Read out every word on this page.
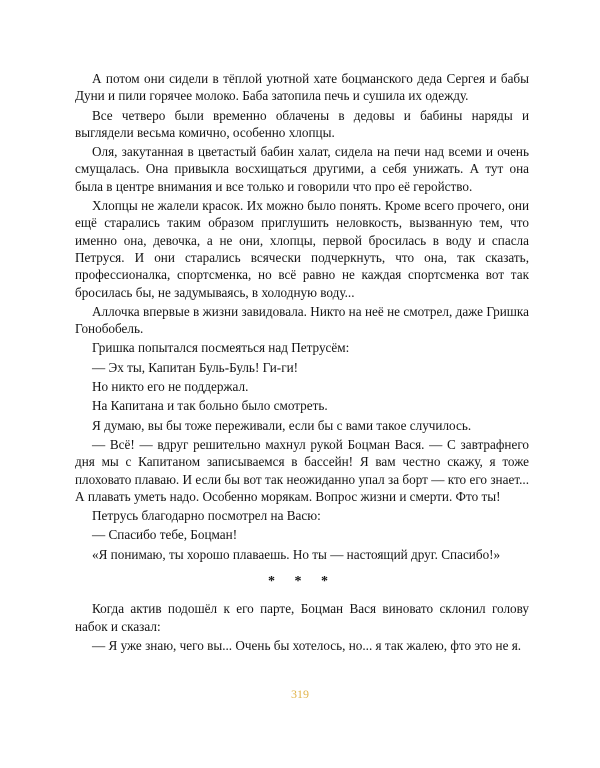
А потом они сидели в тёплой уютной хате боцманского деда Сергея и бабы Дуни и пили горячее молоко. Баба затопила печь и сушила их одежду.

Все четверо были временно облачены в дедовы и бабины наряды и выглядели весьма комично, особенно хлопцы.

Оля, закутанная в цветастый бабин халат, сидела на печи над всеми и очень смущалась. Она привыкла восхищаться другими, а себя унижать. А тут она была в центре внимания и все только и говорили что про её геройство.

Хлопцы не жалели красок. Их можно было понять. Кроме всего прочего, они ещё старались таким образом приглушить неловкость, вызванную тем, что именно она, девочка, а не они, хлопцы, первой бросилась в воду и спасла Петруся. И они старались всячески подчеркнуть, что она, так сказать, профессионалка, спортсменка, но всё равно не каждая спортсменка вот так бросилась бы, не задумываясь, в холодную воду...

Аллочка впервые в жизни завидовала. Никто на неё не смотрел, даже Гришка Гонобобель.

Гришка попытался посмеяться над Петрусём:

— Эх ты, Капитан Буль-Буль! Ги-ги!

Но никто его не поддержал.

На Капитана и так больно было смотреть.

Я думаю, вы бы тоже переживали, если бы с вами такое случилось.

— Всё! — вдруг решительно махнул рукой Боцман Вася. — С завтрафнего дня мы с Капитаном записываемся в бассейн! Я вам честно скажу, я тоже плоховато плаваю. И если бы вот так неожиданно упал за борт — кто его знает... А плавать уметь надо. Особенно морякам. Вопрос жизни и смерти. Фто ты!

Петрусь благодарно посмотрел на Васю:

— Спасибо тебе, Боцман!

«Я понимаю, ты хорошо плаваешь. Но ты — настоящий друг. Спасибо!»

* * *

Когда актив подошёл к его парте, Боцман Вася виновато склонил голову набок и сказал:

— Я уже знаю, чего вы... Очень бы хотелось, но... я так жалею, фто это не я.

319
